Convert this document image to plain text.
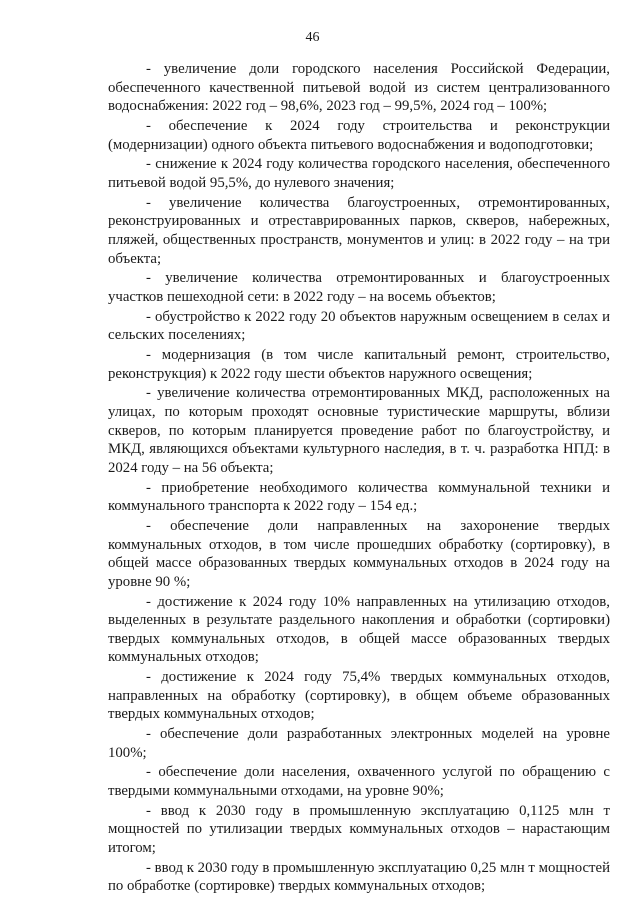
46

- увеличение доли городского населения Российской Федерации, обеспеченного качественной питьевой водой из систем централизованного водоснабжения: 2022 год – 98,6%, 2023 год – 99,5%, 2024 год – 100%;

- обеспечение к 2024 году строительства и реконструкции (модернизации) одного объекта питьевого водоснабжения и водоподготовки;

- снижение к 2024 году количества городского населения, обеспеченного питьевой водой 95,5%, до нулевого значения;

- увеличение количества благоустроенных, отремонтированных, реконструированных и отреставрированных парков, скверов, набережных, пляжей, общественных пространств, монументов и улиц: в 2022 году – на три объекта;

- увеличение количества отремонтированных и благоустроенных участков пешеходной сети: в 2022 году – на восемь объектов;

- обустройство к 2022 году 20 объектов наружным освещением в селах и сельских поселениях;

- модернизация (в том числе капитальный ремонт, строительство, реконструкция) к 2022 году шести объектов наружного освещения;

- увеличение количества отремонтированных МКД, расположенных на улицах, по которым проходят основные туристические маршруты, вблизи скверов, по которым планируется проведение работ по благоустройству, и МКД, являющихся объектами культурного наследия, в т. ч. разработка НПД: в 2024 году – на 56 объекта;

- приобретение необходимого количества коммунальной техники и коммунального транспорта к 2022 году – 154 ед.;

- обеспечение доли направленных на захоронение твердых коммунальных отходов, в том числе прошедших обработку (сортировку), в общей массе образованных твердых коммунальных отходов в 2024 году на уровне 90 %;

- достижение к 2024 году 10% направленных на утилизацию отходов, выделенных в результате раздельного накопления и обработки (сортировки) твердых коммунальных отходов, в общей массе образованных твердых коммунальных отходов;

- достижение к 2024 году 75,4% твердых коммунальных отходов, направленных на обработку (сортировку), в общем объеме образованных твердых коммунальных отходов;

- обеспечение доли разработанных электронных моделей на уровне 100%;

- обеспечение доли населения, охваченного услугой по обращению с твердыми коммунальными отходами, на уровне 90%;

- ввод к 2030 году в промышленную эксплуатацию 0,1125 млн т мощностей по утилизации твердых коммунальных отходов – нарастающим итогом;

- ввод к 2030 году в промышленную эксплуатацию 0,25 млн т мощностей по обработке (сортировке) твердых коммунальных отходов;
